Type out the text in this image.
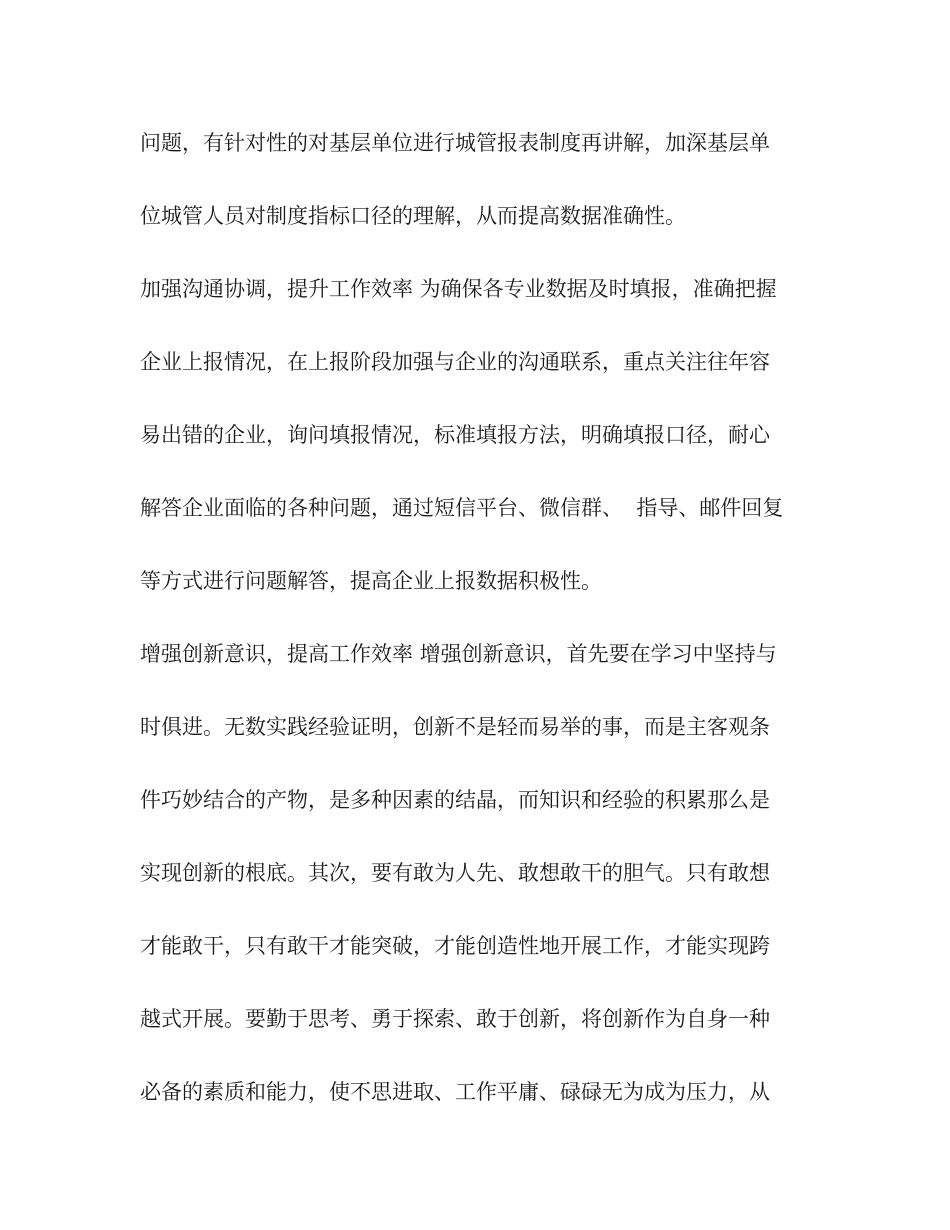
问题，有针对性的对基层单位进行城管报表制度再讲解，加深基层单
位城管人员对制度指标口径的理解，从而提高数据准确性。
加强沟通协调，提升工作效率 为确保各专业数据及时填报，准确把握
企业上报情况，在上报阶段加强与企业的沟通联系，重点关注往年容
易出错的企业，询问填报情况，标准填报方法，明确填报口径，耐心
解答企业面临的各种问题，通过短信平台、微信群、  指导、邮件回复
等方式进行问题解答，提高企业上报数据积极性。
增强创新意识，提高工作效率 增强创新意识，首先要在学习中坚持与
时俱进。无数实践经验证明，创新不是轻而易举的事，而是主客观条
件巧妙结合的产物，是多种因素的结晶，而知识和经验的积累那么是
实现创新的根底。其次，要有敢为人先、敢想敢干的胆气。只有敢想
才能敢干，只有敢干才能突破，才能创造性地开展工作，才能实现跨
越式开展。要勤于思考、勇于探索、敢于创新，将创新作为自身一种
必备的素质和能力，使不思进取、工作平庸、碌碌无为成为压力，从
